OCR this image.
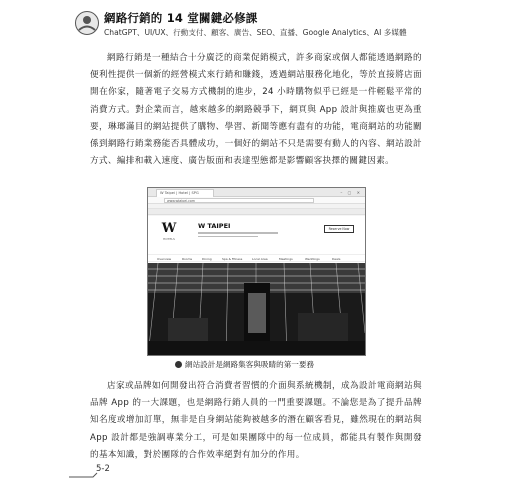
網路行銷的 14 堂關鍵必修課
ChatGPT、UI/UX、行動支付、顧客、廣告、SEO、直播、Google Analytics、AI 多媒體

網路行銷是一種結合十分廣泛的商業促銷模式，許多商家或個人都能透過網路的便利性提供一個新的經營模式來行銷和賺錢，透過網站服務化地化，等於直接將店面開在你家，隨著電子交易方式機制的進步，24 小時購物似乎已經是一件輕鬆平常的消費方式。對企業而言，越來越多的網路競爭下，網頁與 App 設計與推廣也更為重要，琳瑯滿目的網站提供了購物、學習、新聞等應有盡有的功能，電商網站的功能關係到網路行銷業務能否具體成功，一個好的網站不只是需要有動人的內容、網站設計方式、編排和載入速度、廣告版面和表達型態都是影響顧客抉擇的關鍵因素。

W Taipei | Hotel | SPG	– ▢ ✕
www.wtaipei.com
W
HOTELS
W TAIPEI	Reserve Now
Overview	Rooms	Dining	Spa & Fitness	Local Area	Meetings	Weddings	Deals
網站設計是網路集客與吸睛的第一要務

店家或品牌如何開發出符合消費者習慣的介面與系統機制，成為設計電商網站與品牌 App 的一大課題，也是網路行銷人員的一門重要課題。不論您是為了提升品牌知名度或增加訂單，無非是自身網站能夠被越多的潛在顧客看見，雖然現在的網站與 App 設計都是強調專業分工，可是如果團隊中的每一位成員，都能具有製作與開發的基本知識，對於團隊的合作效率絕對有加分的作用。

5-2
